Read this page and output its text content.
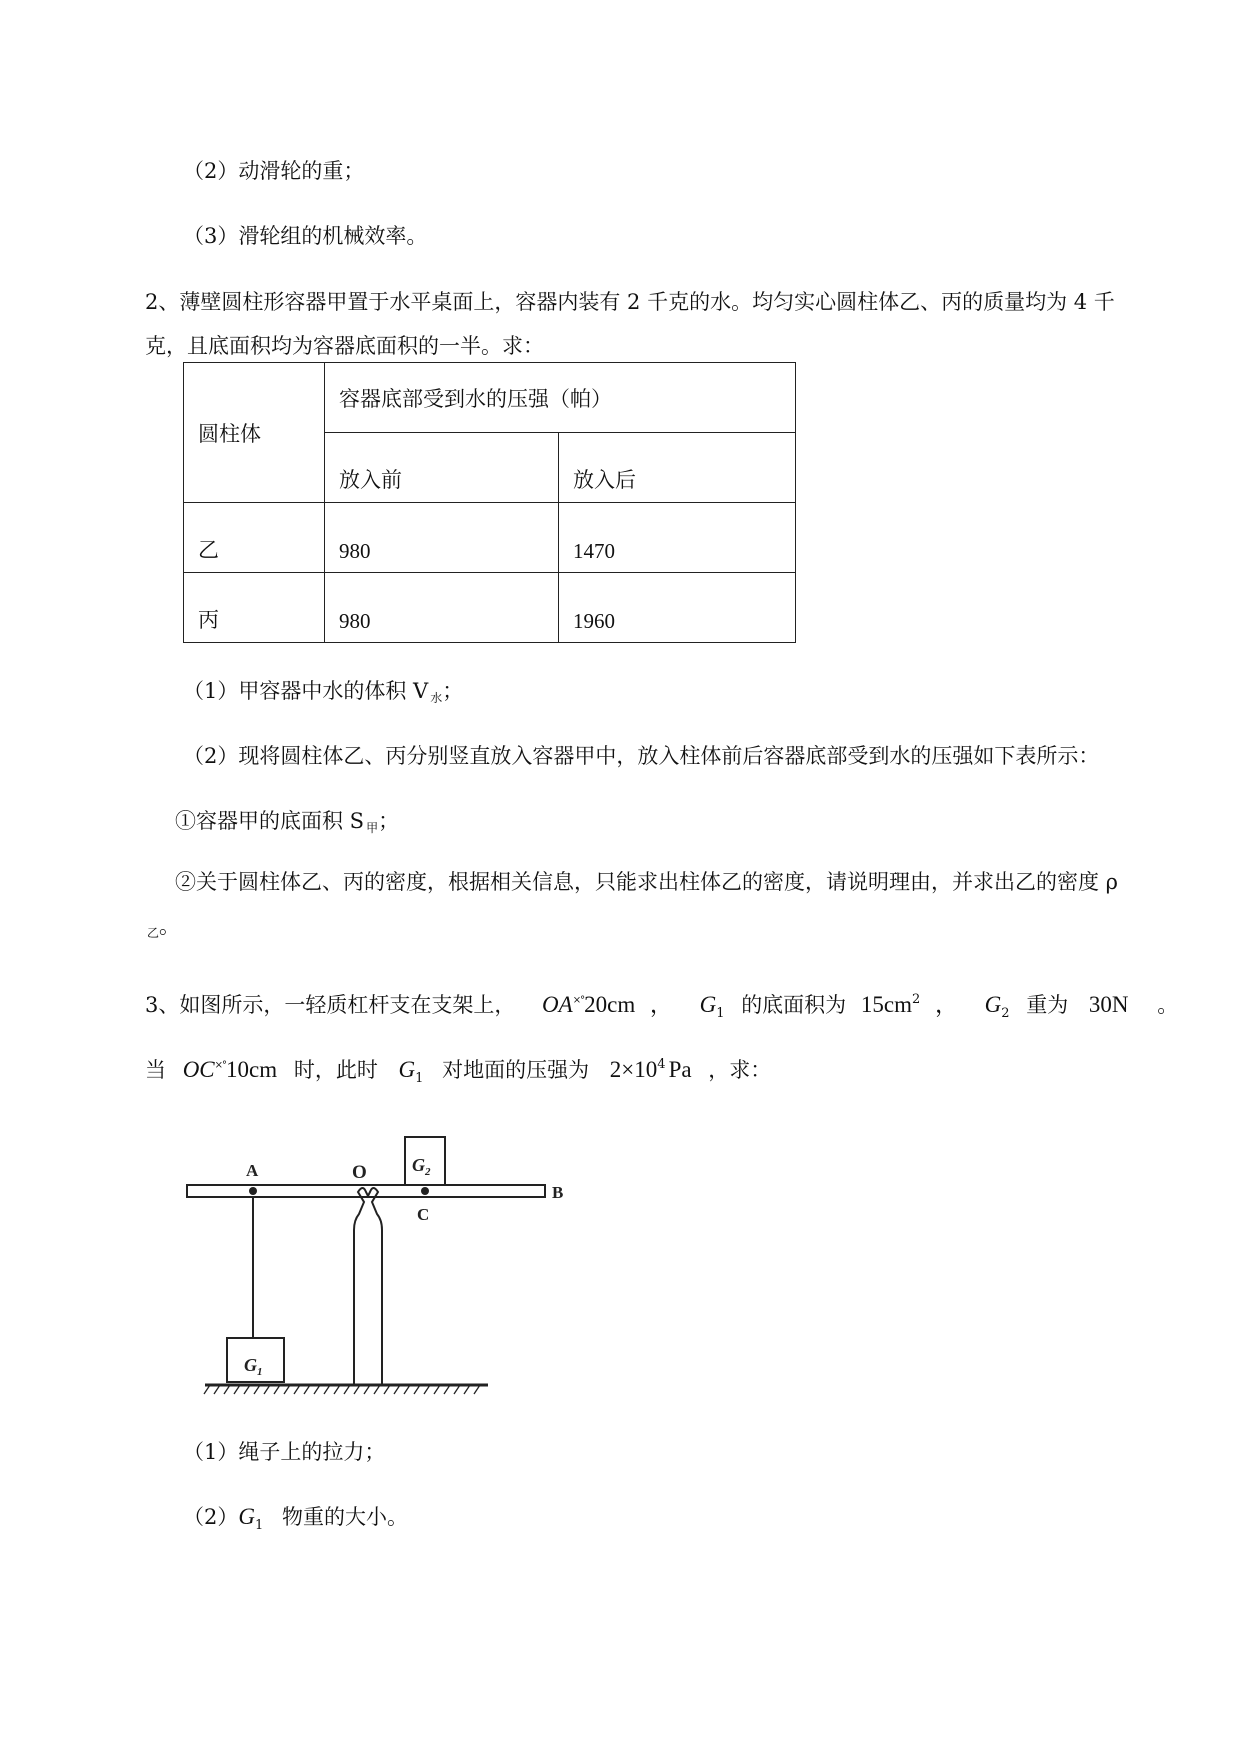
（2）动滑轮的重；
（3）滑轮组的机械效率。
2、薄壁圆柱形容器甲置于水平桌面上，容器内装有 2 千克的水。均匀实心圆柱体乙、丙的质量均为 4 千克，且底面积均为容器底面积的一半。求：
圆柱体	容器底部受到水的压强（帕）	
	放入前	放入后
乙	980	1470
丙	980	1960
（1）甲容器中水的体积 V 水；
（2）现将圆柱体乙、丙分别竖直放入容器甲中，放入柱体前后容器底部受到水的压强如下表所示：
①容器甲的底面积 S 甲；
②关于圆柱体乙、丙的密度，根据相关信息，只能求出柱体乙的密度，请说明理由，并求出乙的密度 ρ乙。
3、如图所示，一轻质杠杆支在支架上， OA×°20cm ， $G_1$ 的底面积为 $15cm^2$ ， $G_2$ 重为 30N 。
当 OC×°10cm 时，此时 $G_1$ 对地面的压强为 $2\times 10^4$ Pa ，求：
A	O
B
C
$G_2$
$G_1$
（1）绳子上的拉力；
$(2)G_1$ 物重的大小。
